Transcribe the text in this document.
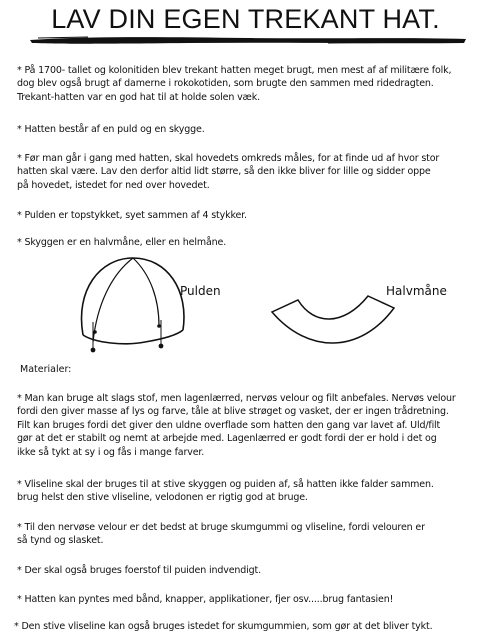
LAV DIN EGEN TREKANT HAT.
* På 1700- tallet og kolonitiden blev trekant hatten meget brugt, men mest af af militære folk,
dog blev også brugt af damerne i rokokotiden, som brugte den sammen med ridedragten.
Trekant-hatten var en god hat til at holde solen væk.
* Hatten består af en puld og en skygge.
* Før man går i gang med hatten, skal hovedets omkreds måles, for at finde ud af hvor stor
hatten skal være. Lav den derfor altid lidt større, så den ikke bliver for lille og sidder oppe
på hovedet, istedet for ned over hovedet.
* Pulden er topstykket, syet sammen af 4 stykker.
* Skyggen er en halvmåne, eller en helmåne.
Pulden	Halvmåne
Materialer:
* Man kan bruge alt slags stof, men lagenlærred, nervøs velour og filt anbefales. Nervøs velour
fordi den giver masse af lys og farve, tåle at blive strøget og vasket, der er ingen trådretning.
Filt kan bruges fordi det giver den uldne overflade som hatten den gang var lavet af. Uld/filt
gør at det er stabilt og nemt at arbejde med. Lagenlærred er godt fordi der er hold i det og
ikke så tykt at sy i og fås i mange farver.
* Vliseline skal der bruges til at stive skyggen og puiden af, så hatten ikke falder sammen.
brug helst den stive vliseline, velodonen er rigtig god at bruge.
* Til den nervøse velour er det bedst at bruge skumgummi og vliseline, fordi velouren er
så tynd og slasket.
* Der skal også bruges foerstof til puiden indvendigt.
* Hatten kan pyntes med bånd, knapper, applikationer, fjer osv.....brug fantasien!
* Den stive vliseline kan også bruges istedet for skumgummien, som gør at det bliver tykt.
